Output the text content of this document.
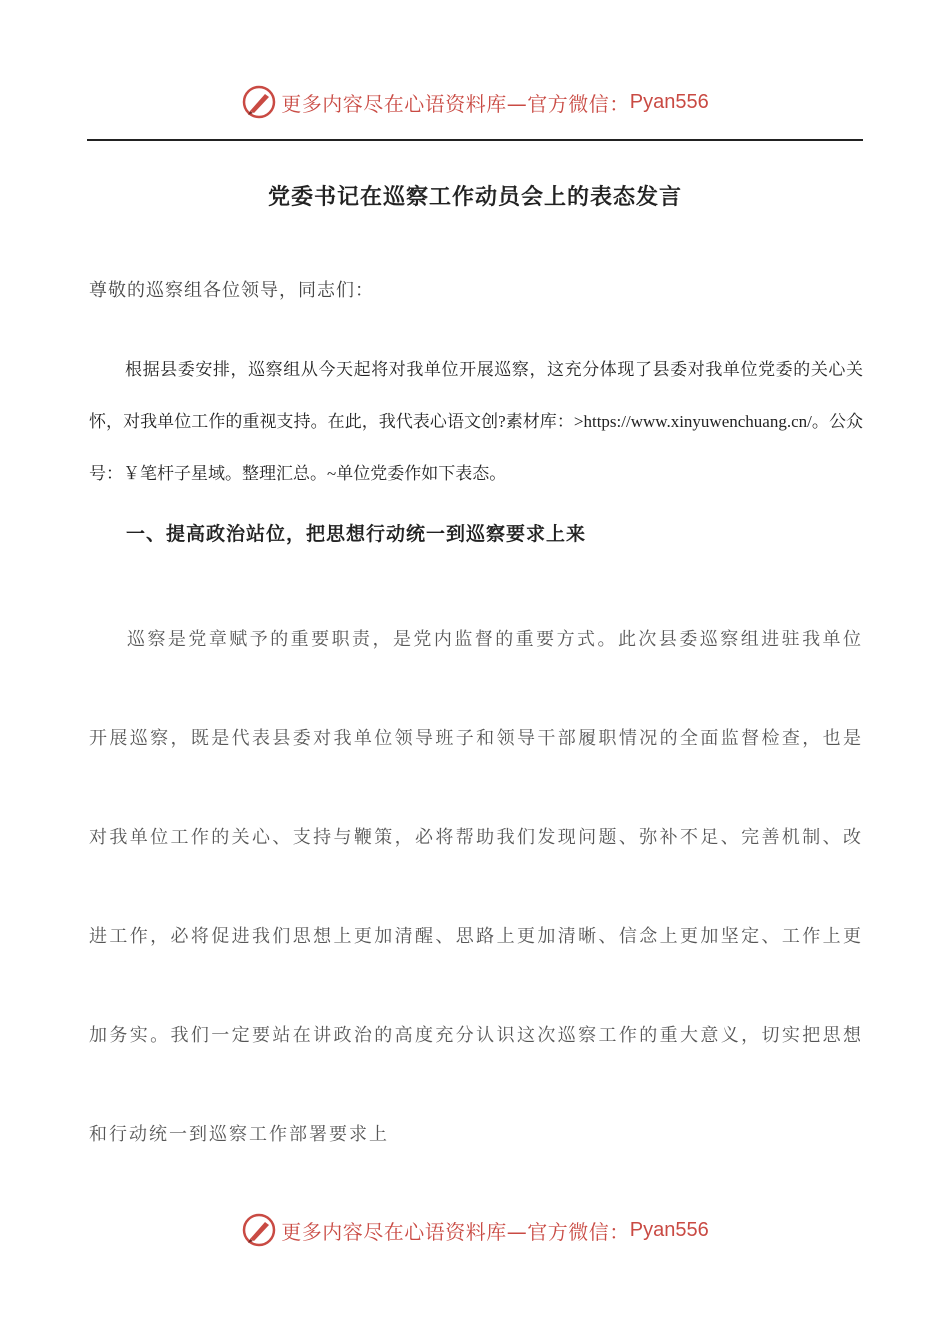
更多内容尽在心语资料库 —官方微信： Pyan556
党委书记在巡察工作动员会上的表态发言
尊敬的巡察组各位领导，同志们：
根据县委安排，巡察组从今天起将对我单位开展巡察，这充分体现了县委对我单位党委的关心关怀，对我单位工作的重视支持。在此，我代表心语文创?素材库：>https://www.xinyuwenchuang.cn/。公众号：￥笔杆子星域。整理汇总。~单位党委作如下表态。
一、提高政治站位，把思想行动统一到巡察要求上来
巡察是党章赋予的重要职责，是党内监督的重要方式。此次县委巡察组进驻我单位开展巡察，既是代表县委对我单位领导班子和领导干部履职情况的全面监督检查，也是对我单位工作的关心、支持与鞭策，必将帮助我们发现问题、弥补不足、完善机制、改进工作，必将促进我们思想上更加清醒、思路上更加清晰、信念上更加坚定、工作上更加务实。我们一定要站在讲政治的高度充分认识这次巡察工作的重大意义，切实把思想和行动统一到巡察工作部署要求上
更多内容尽在心语资料库 —官方微信： Pyan556
